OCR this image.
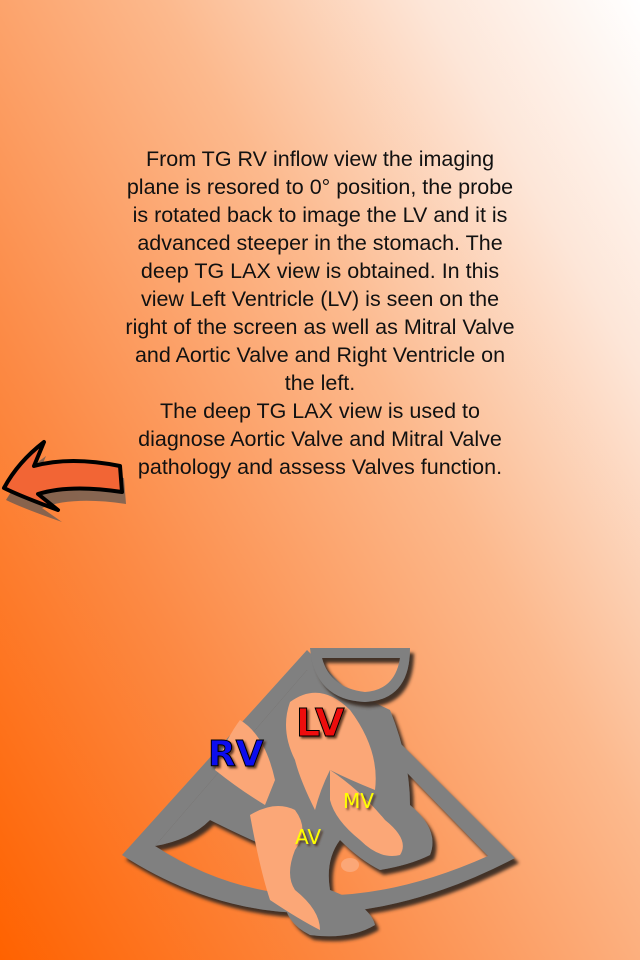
From TG RV inflow view the imaging
plane is resored to 0° position, the probe
is rotated back to image the LV and it is
advanced steeper in the stomach. The
deep TG LAX view is obtained. In this
view Left Ventricle (LV) is seen on the
right of the screen as well as Mitral Valve
and Aortic Valve and Right Ventricle on
the left.
The deep TG LAX view is used to
diagnose Aortic Valve and Mitral Valve
pathology and assess Valves function.
RV
LV
MV
AV
